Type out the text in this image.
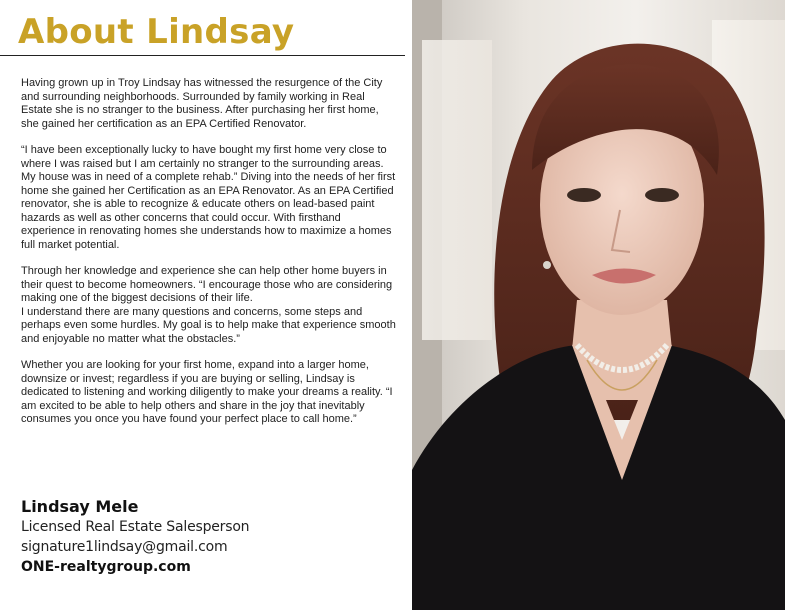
About Lindsay

Having grown up in Troy Lindsay has witnessed the resurgence of the City and surrounding neighborhoods. Surrounded by family working in Real Estate she is no stranger to the business. After purchasing her first home, she gained her certification as an EPA Certified Renovator.

“I have been exceptionally lucky to have bought my first home very close to where I was raised but I am certainly no stranger to the surrounding areas. My house was in need of a complete rehab.” Diving into the needs of her first home she gained her Certification as an EPA Renovator. As an EPA Certified renovator, she is able to recognize & educate others on lead-based paint hazards as well as other concerns that could occur. With firsthand experience in renovating homes she understands how to maximize a homes full market potential.

Through her knowledge and experience she can help other home buyers in their quest to become homeowners. “I encourage those who are considering making one of the biggest decisions of their life.
I understand there are many questions and concerns, some steps and perhaps even some hurdles. My goal is to help make that experience smooth and enjoyable no matter what the obstacles.”

Whether you are looking for your first home, expand into a larger home, downsize or invest; regardless if you are buying or selling, Lindsay is dedicated to listening and working diligently to make your dreams a reality. “I am excited to be able to help others and share in the joy that inevitably consumes you once you have found your perfect place to call home.”

Lindsay Mele
Licensed Real Estate Salesperson
signature1lindsay@gmail.com
ONE-realtygroup.com
